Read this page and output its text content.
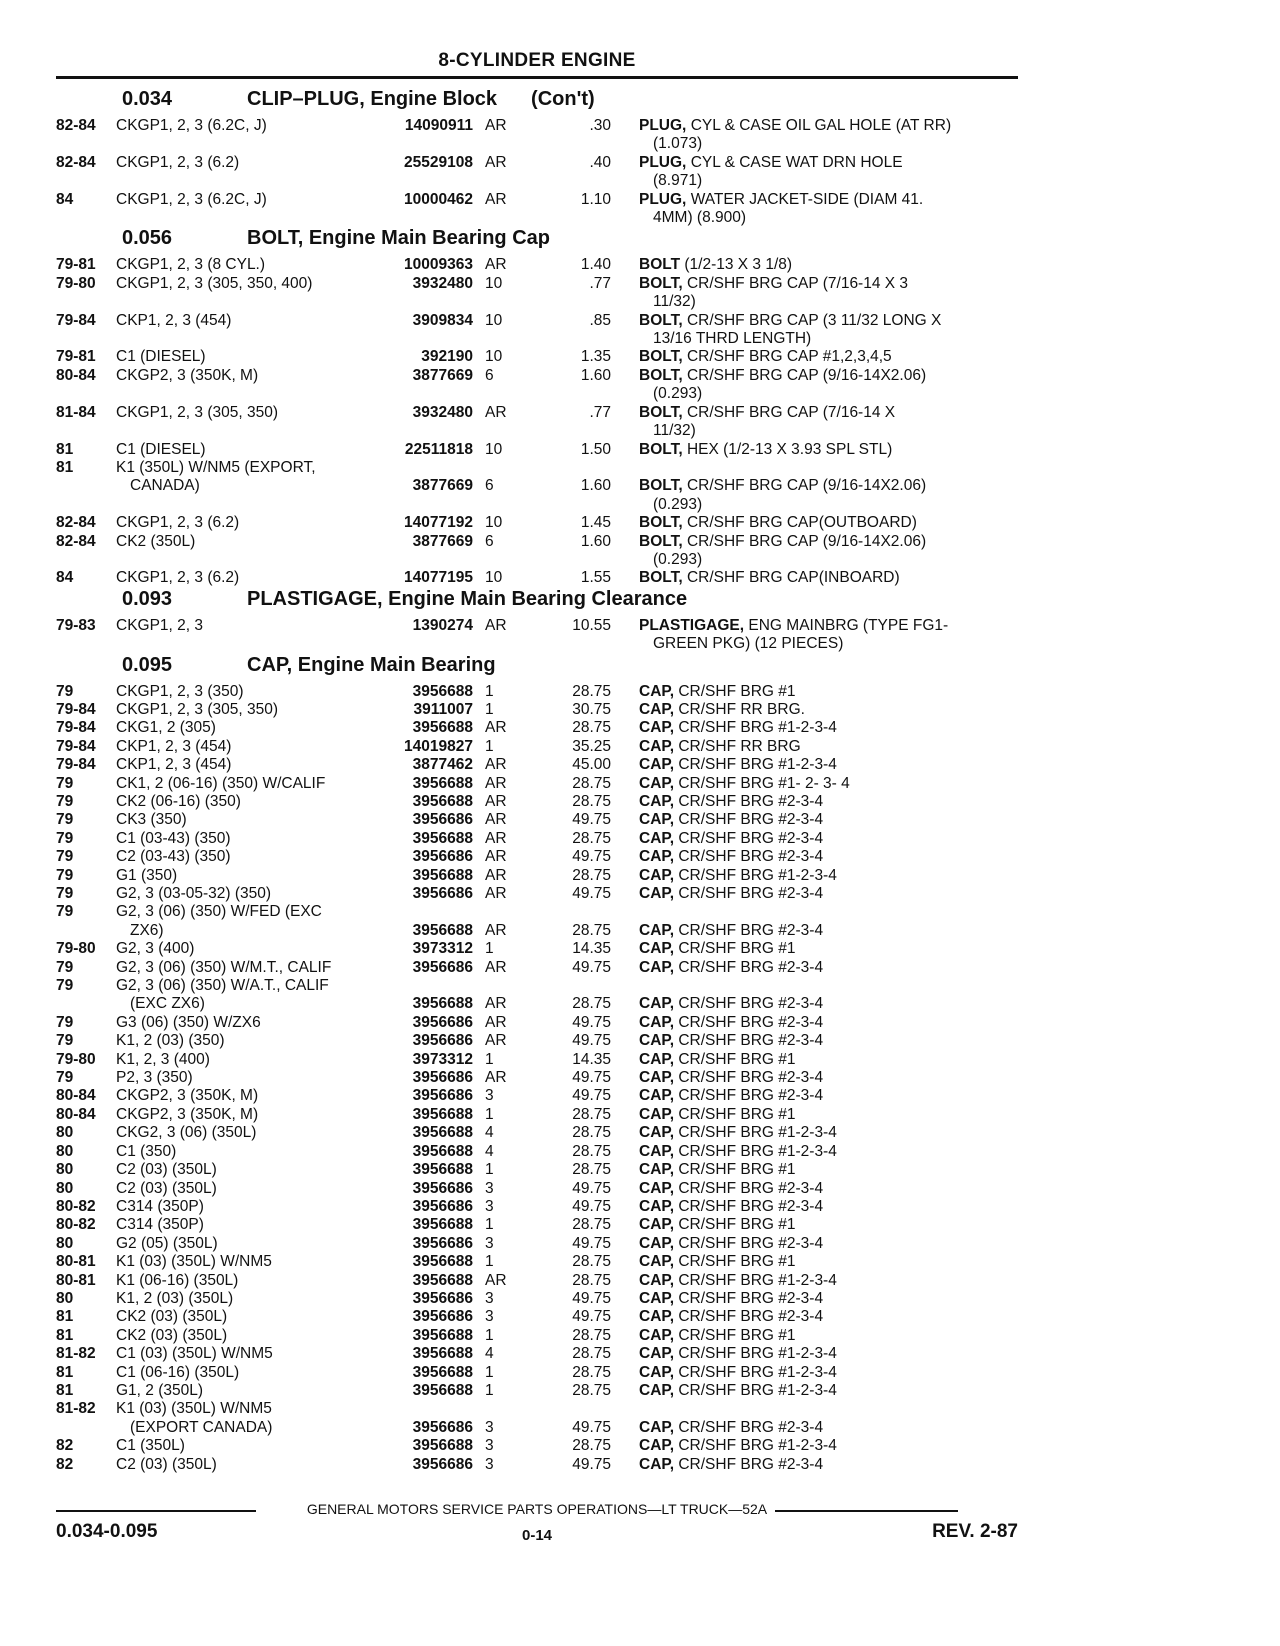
8-CYLINDER ENGINE
0.034	CLIP–PLUG, Engine Block (Con't)
82-84	CKGP1, 2, 3 (6.2C, J)	14090911 AR	.30 PLUG, CYL & CASE OIL GAL HOLE (AT RR)
(1.073)
82-84	CKGP1, 2, 3 (6.2)	25529108 AR	.40 PLUG, CYL & CASE WAT DRN HOLE
(8.971)
84	CKGP1, 2, 3 (6.2C, J)	10000462 AR	1.10 PLUG, WATER JACKET-SIDE (DIAM 41.
4MM) (8.900)
0.056	BOLT, Engine Main Bearing Cap
79-81	CKGP1, 2, 3 (8 CYL.)	10009363 AR	1.40 BOLT (1/2-13 X 3 1/8)
79-80	CKGP1, 2, 3 (305, 350, 400)	3932480 10	.77 BOLT, CR/SHF BRG CAP (7/16-14 X 3
11/32)
79-84	CKP1, 2, 3 (454)	3909834 10	.85 BOLT, CR/SHF BRG CAP (3 11/32 LONG X
13/16 THRD LENGTH)
79-81	C1 (DIESEL)	392190 10	1.35 BOLT, CR/SHF BRG CAP #1,2,3,4,5
80-84	CKGP2, 3 (350K, M)	3877669 6	1.60 BOLT, CR/SHF BRG CAP (9/16-14X2.06)
(0.293)
81-84	CKGP1, 2, 3 (305, 350)	3932480 AR	.77 BOLT, CR/SHF BRG CAP (7/16-14 X
11/32)
81	C1 (DIESEL)	22511818 10	1.50 BOLT, HEX (1/2-13 X 3.93 SPL STL)
81	K1 (350L) W/NM5 (EXPORT,
CANADA)	3877669 6	1.60 BOLT, CR/SHF BRG CAP (9/16-14X2.06)
(0.293)
82-84	CKGP1, 2, 3 (6.2)	14077192 10	1.45 BOLT, CR/SHF BRG CAP(OUTBOARD)
82-84	CK2 (350L)	3877669 6	1.60 BOLT, CR/SHF BRG CAP (9/16-14X2.06)
(0.293)
84	CKGP1, 2, 3 (6.2)	14077195 10	1.55 BOLT, CR/SHF BRG CAP(INBOARD)
0.093	PLASTIGAGE, Engine Main Bearing Clearance
79-83	CKGP1, 2, 3	1390274 AR	10.55 PLASTIGAGE, ENG MAINBRG (TYPE FG1-
GREEN PKG) (12 PIECES)
0.095	CAP, Engine Main Bearing
79	CKGP1, 2, 3 (350)	3956688 1	28.75 CAP, CR/SHF BRG #1
79-84	CKGP1, 2, 3 (305, 350)	3911007 1	30.75 CAP, CR/SHF RR BRG.
79-84	CKG1, 2 (305)	3956688 AR	28.75 CAP, CR/SHF BRG #1-2-3-4
79-84	CKP1, 2, 3 (454)	14019827 1	35.25 CAP, CR/SHF RR BRG
79-84	CKP1, 2, 3 (454)	3877462 AR	45.00 CAP, CR/SHF BRG #1-2-3-4
79	CK1, 2 (06-16) (350) W/CALIF	3956688 AR	28.75 CAP, CR/SHF BRG #1- 2- 3- 4
79	CK2 (06-16) (350)	3956688 AR	28.75 CAP, CR/SHF BRG #2-3-4
79	CK3 (350)	3956686 AR	49.75 CAP, CR/SHF BRG #2-3-4
79	C1 (03-43) (350)	3956688 AR	28.75 CAP, CR/SHF BRG #2-3-4
79	C2 (03-43) (350)	3956686 AR	49.75 CAP, CR/SHF BRG #2-3-4
79	G1 (350)	3956688 AR	28.75 CAP, CR/SHF BRG #1-2-3-4
79	G2, 3 (03-05-32) (350)	3956686 AR	49.75 CAP, CR/SHF BRG #2-3-4
79	G2, 3 (06) (350) W/FED (EXC
ZX6)	3956688 AR	28.75 CAP, CR/SHF BRG #2-3-4
79-80	G2, 3 (400)	3973312 1	14.35 CAP, CR/SHF BRG #1
79	G2, 3 (06) (350) W/M.T., CALIF	3956686 AR	49.75 CAP, CR/SHF BRG #2-3-4
79	G2, 3 (06) (350) W/A.T., CALIF
(EXC ZX6)	3956688 AR	28.75 CAP, CR/SHF BRG #2-3-4
79	G3 (06) (350) W/ZX6	3956686 AR	49.75 CAP, CR/SHF BRG #2-3-4
79	K1, 2 (03) (350)	3956686 AR	49.75 CAP, CR/SHF BRG #2-3-4
79-80	K1, 2, 3 (400)	3973312 1	14.35 CAP, CR/SHF BRG #1
79	P2, 3 (350)	3956686 AR	49.75 CAP, CR/SHF BRG #2-3-4
80-84	CKGP2, 3 (350K, M)	3956686 3	49.75 CAP, CR/SHF BRG #2-3-4
80-84	CKGP2, 3 (350K, M)	3956688 1	28.75 CAP, CR/SHF BRG #1
80	CKG2, 3 (06) (350L)	3956688 4	28.75 CAP, CR/SHF BRG #1-2-3-4
80	C1 (350)	3956688 4	28.75 CAP, CR/SHF BRG #1-2-3-4
80	C2 (03) (350L)	3956688 1	28.75 CAP, CR/SHF BRG #1
80	C2 (03) (350L)	3956686 3	49.75 CAP, CR/SHF BRG #2-3-4
80-82	C314 (350P)	3956686 3	49.75 CAP, CR/SHF BRG #2-3-4
80-82	C314 (350P)	3956688 1	28.75 CAP, CR/SHF BRG #1
80	G2 (05) (350L)	3956686 3	49.75 CAP, CR/SHF BRG #2-3-4
80-81	K1 (03) (350L) W/NM5	3956688 1	28.75 CAP, CR/SHF BRG #1
80-81	K1 (06-16) (350L)	3956688 AR	28.75 CAP, CR/SHF BRG #1-2-3-4
80	K1, 2 (03) (350L)	3956686 3	49.75 CAP, CR/SHF BRG #2-3-4
81	CK2 (03) (350L)	3956686 3	49.75 CAP, CR/SHF BRG #2-3-4
81	CK2 (03) (350L)	3956688 1	28.75 CAP, CR/SHF BRG #1
81-82	C1 (03) (350L) W/NM5	3956688 4	28.75 CAP, CR/SHF BRG #1-2-3-4
81	C1 (06-16) (350L)	3956688 1	28.75 CAP, CR/SHF BRG #1-2-3-4
81	G1, 2 (350L)	3956688 1	28.75 CAP, CR/SHF BRG #1-2-3-4
81-82	K1 (03) (350L) W/NM5
(EXPORT CANADA)	3956686 3	49.75 CAP, CR/SHF BRG #2-3-4
82	C1 (350L)	3956688 3	28.75 CAP, CR/SHF BRG #1-2-3-4
82	C2 (03) (350L)	3956686 3	49.75 CAP, CR/SHF BRG #2-3-4
GENERAL MOTORS SERVICE PARTS OPERATIONS—LT TRUCK—52A
0.034-0.095	0-14	REV. 2-87
